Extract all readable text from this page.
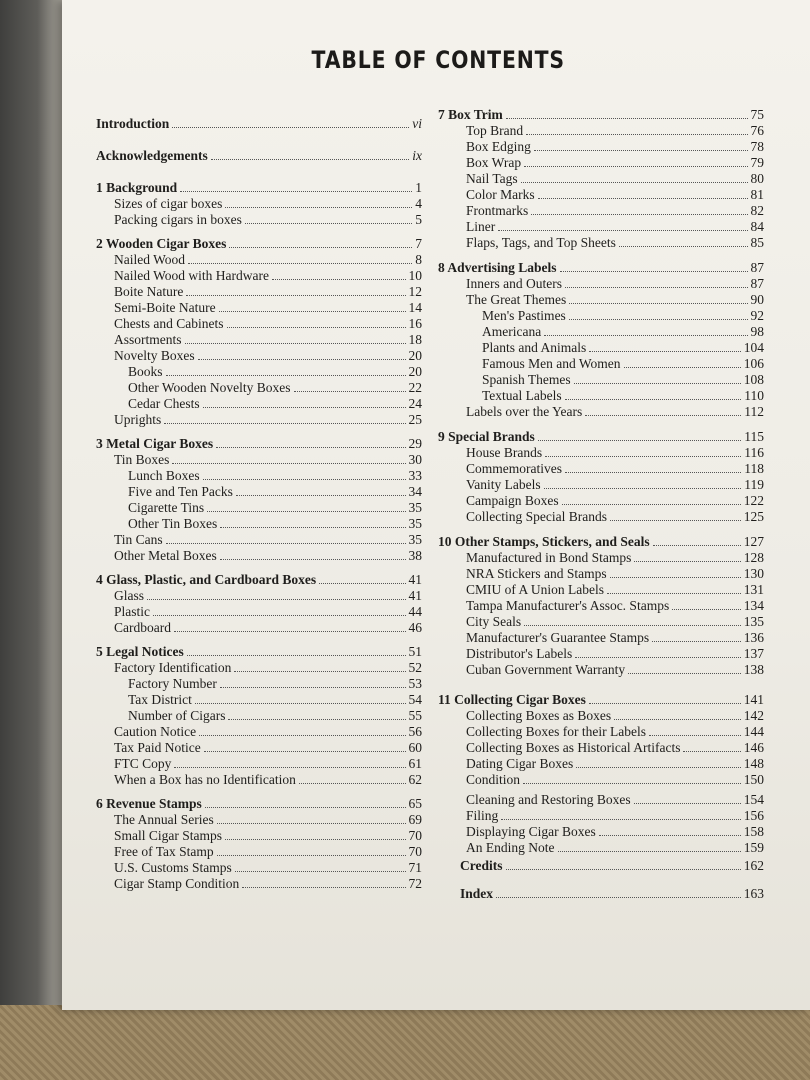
TABLE OF CONTENTS
Introduction	vi
Acknowledgements	ix
1 Background	1
Sizes of cigar boxes	4
Packing cigars in boxes	5
2 Wooden Cigar Boxes	7
Nailed Wood	8
Nailed Wood with Hardware	10
Boite Nature	12
Semi-Boite Nature	14
Chests and Cabinets	16
Assortments	18
Novelty Boxes	20
Books	20
Other Wooden Novelty Boxes	22
Cedar Chests	24
Uprights	25
3 Metal Cigar Boxes	29
Tin Boxes	30
Lunch Boxes	33
Five and Ten Packs	34
Cigarette Tins	35
Other Tin Boxes	35
Tin Cans	35
Other Metal Boxes	38
4 Glass, Plastic, and Cardboard Boxes	41
Glass	41
Plastic	44
Cardboard	46
5 Legal Notices	51
Factory Identification	52
Factory Number	53
Tax District	54
Number of Cigars	55
Caution Notice	56
Tax Paid Notice	60
FTC Copy	61
When a Box has no Identification	62
6 Revenue Stamps	65
The Annual Series	69
Small Cigar Stamps	70
Free of Tax Stamp	70
U.S. Customs Stamps	71
Cigar Stamp Condition	72
7 Box Trim	75
Top Brand	76
Box Edging	78
Box Wrap	79
Nail Tags	80
Color Marks	81
Frontmarks	82
Liner	84
Flaps, Tags, and Top Sheets	85
8 Advertising Labels	87
Inners and Outers	87
The Great Themes	90
Men's Pastimes	92
Americana	98
Plants and Animals	104
Famous Men and Women	106
Spanish Themes	108
Textual Labels	110
Labels over the Years	112
9 Special Brands	115
House Brands	116
Commemoratives	118
Vanity Labels	119
Campaign Boxes	122
Collecting Special Brands	125
10 Other Stamps, Stickers, and Seals	127
Manufactured in Bond Stamps	128
NRA Stickers and Stamps	130
CMIU of A Union Labels	131
Tampa Manufacturer's Assoc. Stamps	134
City Seals	135
Manufacturer's Guarantee Stamps	136
Distributor's Labels	137
Cuban Government Warranty	138
11 Collecting Cigar Boxes	141
Collecting Boxes as Boxes	142
Collecting Boxes for their Labels	144
Collecting Boxes as Historical Artifacts	146
Dating Cigar Boxes	148
Condition	150
Cleaning and Restoring Boxes	154
Filing	156
Displaying Cigar Boxes	158
An Ending Note	159
Credits	162
Index	163
